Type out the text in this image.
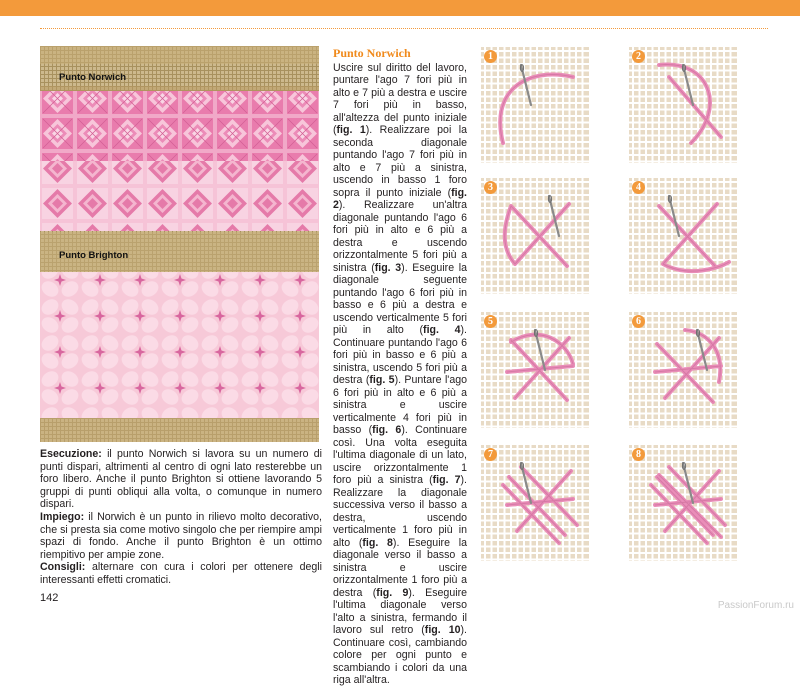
Punto Norwich
Punto Brighton

Esecuzione: il punto Norwich si lavora su un numero di punti dispari, altrimenti al centro di ogni lato resterebbe un foro libero. Anche il punto Brighton si ottiene lavorando 5 gruppi di punti obliqui alla volta, o comunque in numero dispari.

Impiego: il Norwich è un punto in rilievo molto decorativo, che si presta sia come motivo singolo che per riempire ampi spazi di fondo. Anche il punto Brighton è un ottimo riempitivo per ampie zone.

Consigli: alternare con cura i colori per ottenere degli interessanti effetti cromatici.

Punto Norwich

Uscire sul diritto del lavoro, puntare l'ago 7 fori più in alto e 7 più a destra e uscire 7 fori più in basso, all'altezza del punto iniziale (fig. 1). Realizzare poi la seconda diagonale puntando l'ago 7 fori più in alto e 7 più a sinistra, uscendo in basso 1 foro sopra il punto iniziale (fig. 2). Realizzare un'altra diagonale puntando l'ago 6 fori più in alto e 6 più a destra e uscendo orizzontalmente 5 fori più a sinistra (fig. 3). Eseguire la diagonale seguente puntando l'ago 6 fori più in basso e 6 più a destra e uscendo verticalmente 5 fori più in alto (fig. 4). Continuare puntando l'ago 6 fori più in basso e 6 più a sinistra, uscendo 5 fori più a destra (fig. 5). Puntare l'ago 6 fori più in alto e 6 più a sinistra e uscire verticalmente 4 fori più in basso (fig. 6). Continuare così. Una volta eseguita l'ultima diagonale di un lato, uscire orizzontalmente 1 foro più a sinistra (fig. 7). Realizzare la diagonale successiva verso il basso a destra, uscendo verticalmente 1 foro più in alto (fig. 8). Eseguire la diagonale verso il basso a sinistra e uscire orizzontalmente 1 foro più a destra (fig. 9). Eseguire l'ultima diagonale verso l'alto a sinistra, fermando il lavoro sul retro (fig. 10). Continuare così, cambiando colore per ogni punto e scambiando i colori da una riga all'altra.

1	2
3	4
5	6
7	8
142
PassionForum.ru
